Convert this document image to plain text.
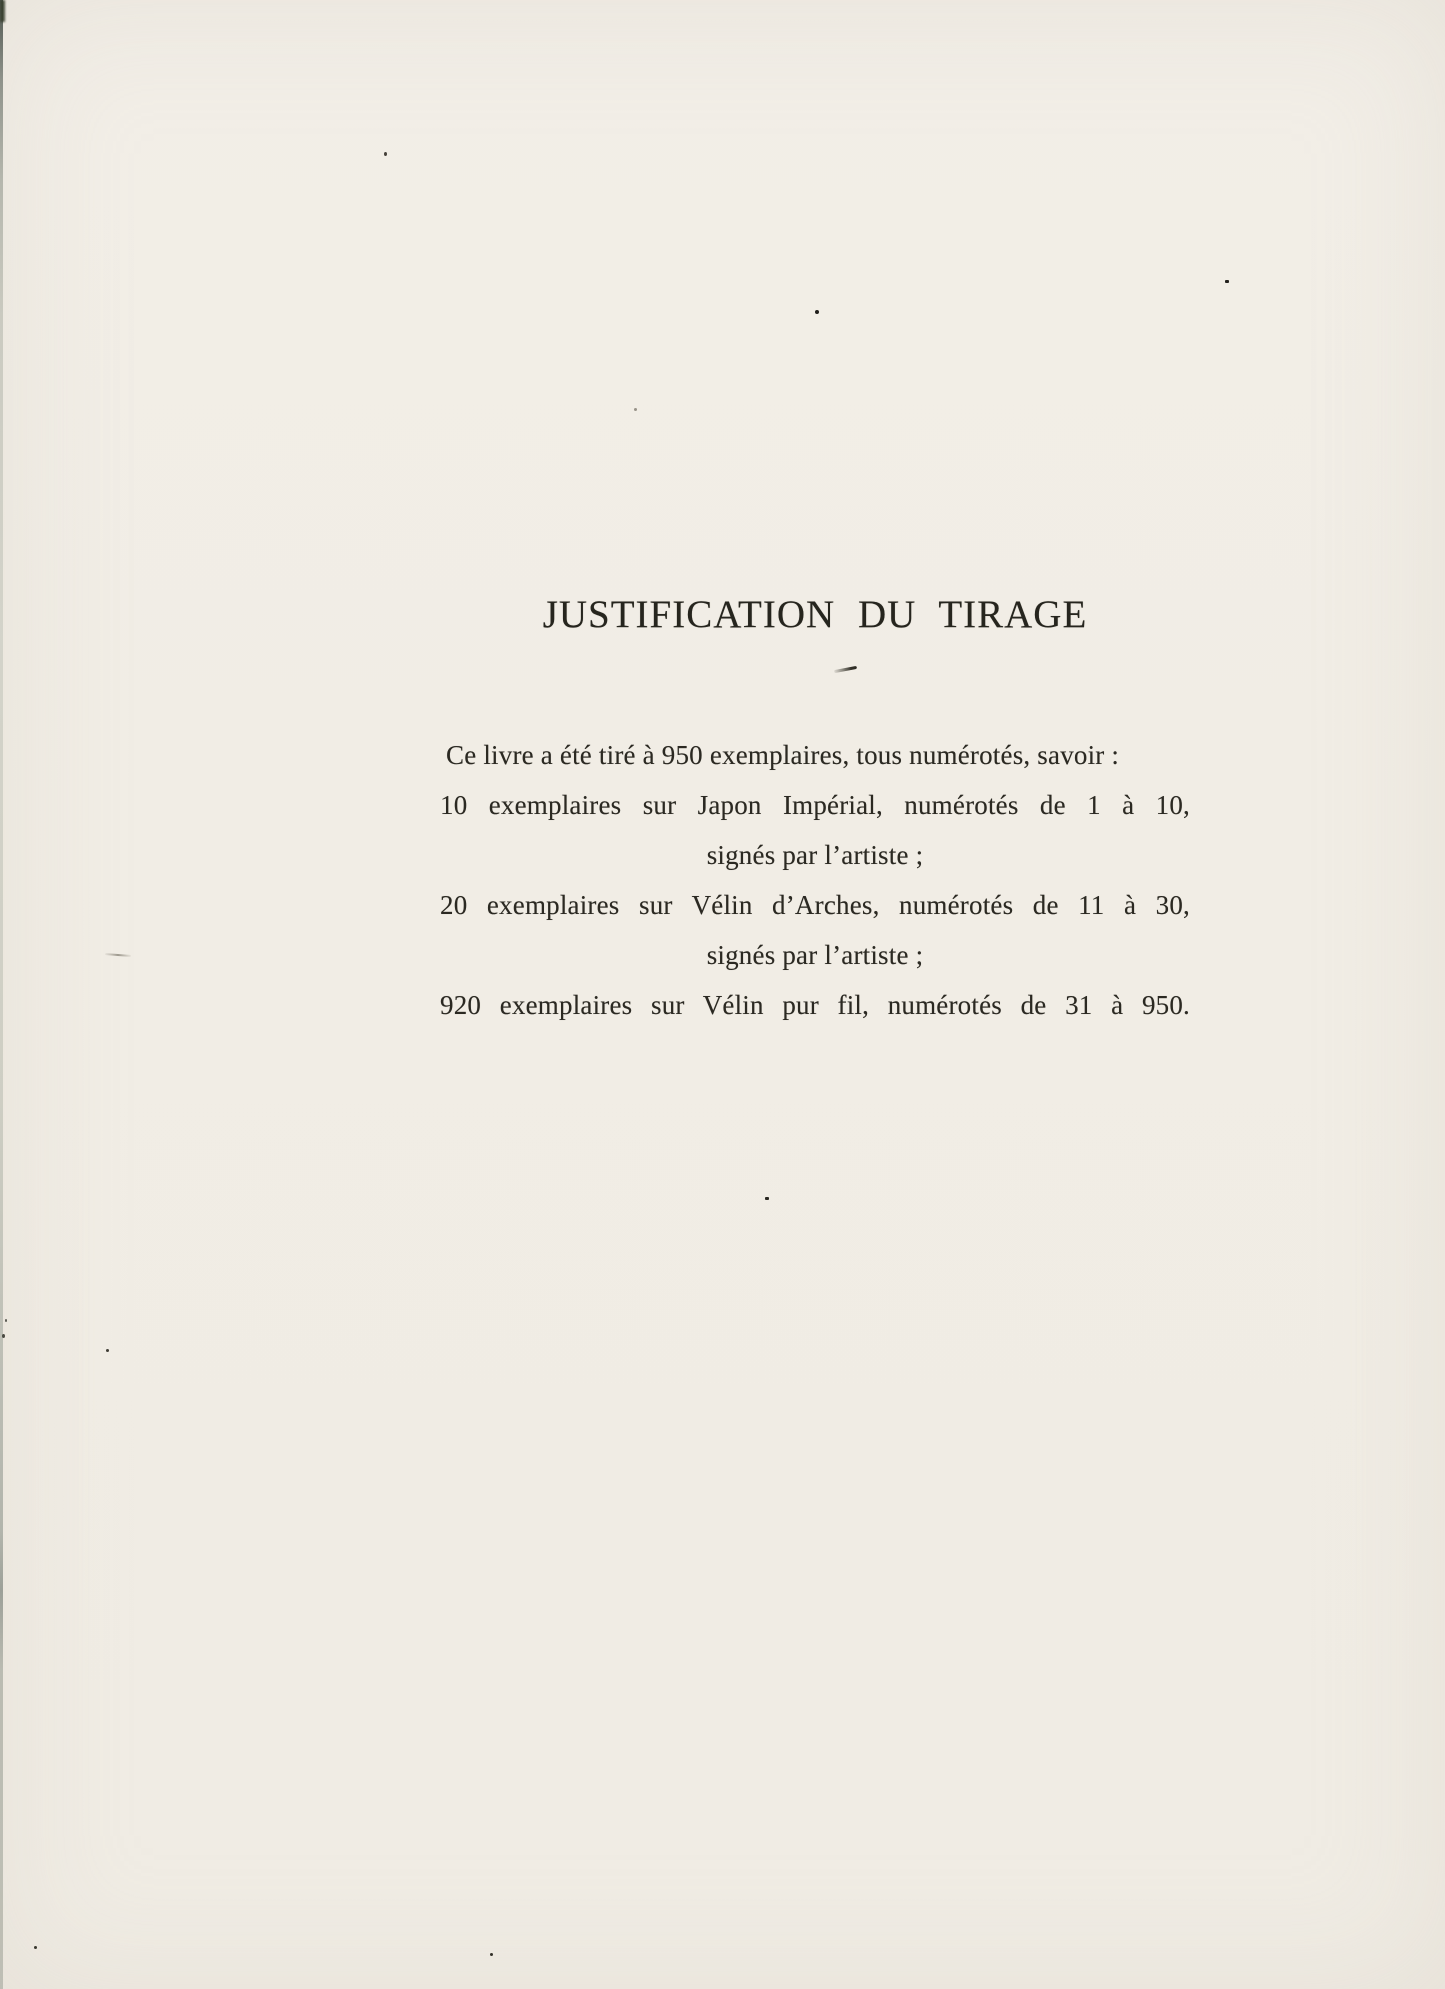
JUSTIFICATION DU TIRAGE
Ce livre a été tiré à 950 exemplaires, tous numérotés, savoir :
10 exemplaires sur Japon Impérial, numérotés de 1 à 10,
signés par l’artiste ;
20 exemplaires sur Vélin d’Arches, numérotés de 11 à 30,
signés par l’artiste ;
920 exemplaires sur Vélin pur fil, numérotés de 31 à 950.
